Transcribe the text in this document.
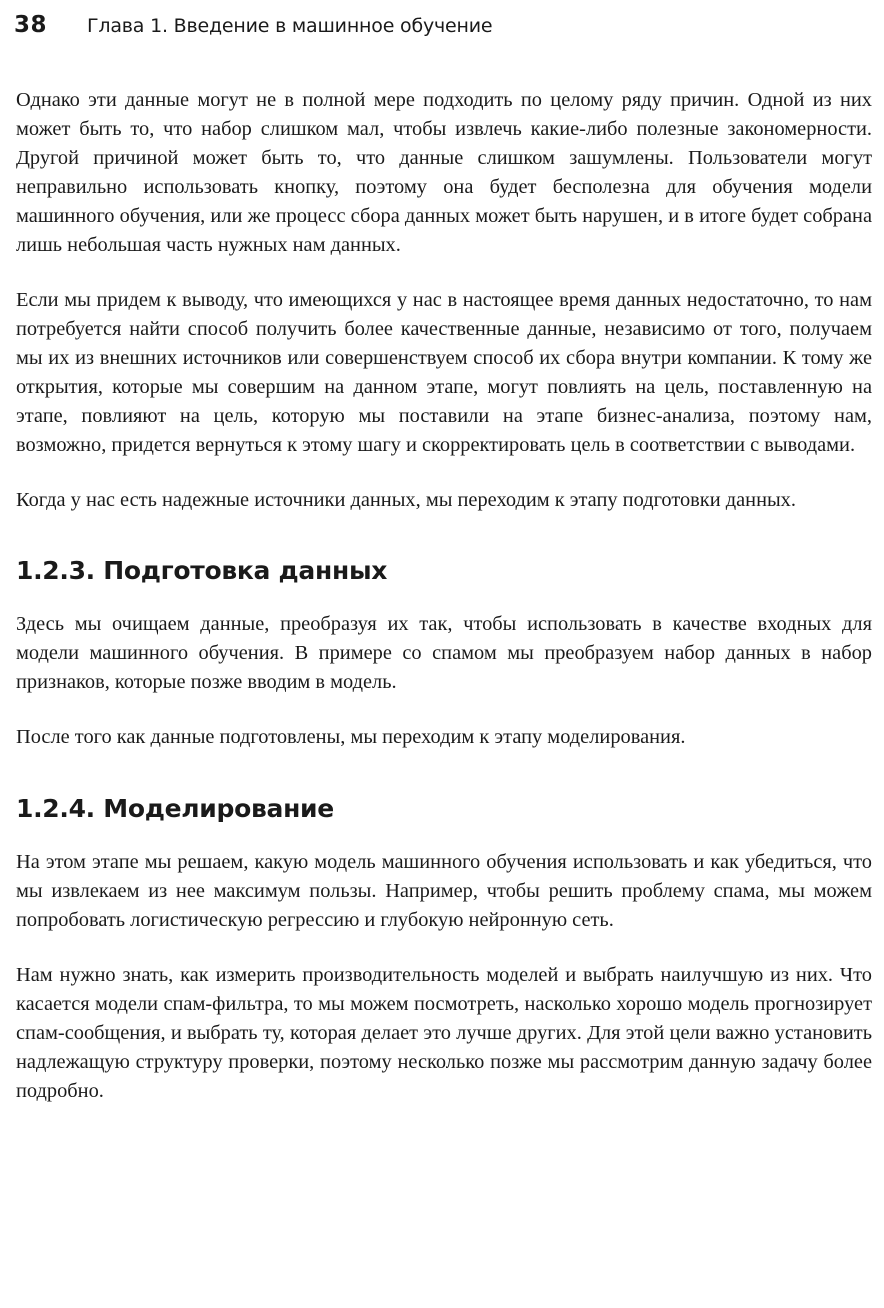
38 Глава 1. Введение в машинное обучение

Однако эти данные могут не в полной мере подходить по целому ряду причин. Одной из них может быть то, что набор слишком мал, чтобы извлечь какие-либо полезные закономерности. Другой причиной может быть то, что данные слишком зашумлены. Пользователи могут неправильно использовать кнопку, поэтому она будет бесполезна для обучения модели машинного обучения, или же процесс сбора данных может быть нарушен, и в итоге будет собрана лишь небольшая часть нужных нам данных.

Если мы придем к выводу, что имеющихся у нас в настоящее время данных недостаточно, то нам потребуется найти способ получить более качественные данные, независимо от того, получаем мы их из внешних источников или совершенствуем способ их сбора внутри компании. К тому же открытия, которые мы совершим на данном этапе, могут повлиять на цель, поставленную на этапе, повлияют на цель, которую мы поставили на этапе бизнес-анализа, поэтому нам, возможно, придется вернуться к этому шагу и скорректировать цель в соответствии с выводами.

Когда у нас есть надежные источники данных, мы переходим к этапу подготовки данных.

1.2.3. Подготовка данных

Здесь мы очищаем данные, преобразуя их так, чтобы использовать в качестве входных для модели машинного обучения. В примере со спамом мы преобразуем набор данных в набор признаков, которые позже вводим в модель.

После того как данные подготовлены, мы переходим к этапу моделирования.

1.2.4. Моделирование

На этом этапе мы решаем, какую модель машинного обучения использовать и как убедиться, что мы извлекаем из нее максимум пользы. Например, чтобы решить проблему спама, мы можем попробовать логистическую регрессию и глубокую нейронную сеть.

Нам нужно знать, как измерить производительность моделей и выбрать наилучшую из них. Что касается модели спам-фильтра, то мы можем посмотреть, насколько хорошо модель прогнозирует спам-сообщения, и выбрать ту, которая делает это лучше других. Для этой цели важно установить надлежащую структуру проверки, поэтому несколько позже мы рассмотрим данную задачу более подробно.
